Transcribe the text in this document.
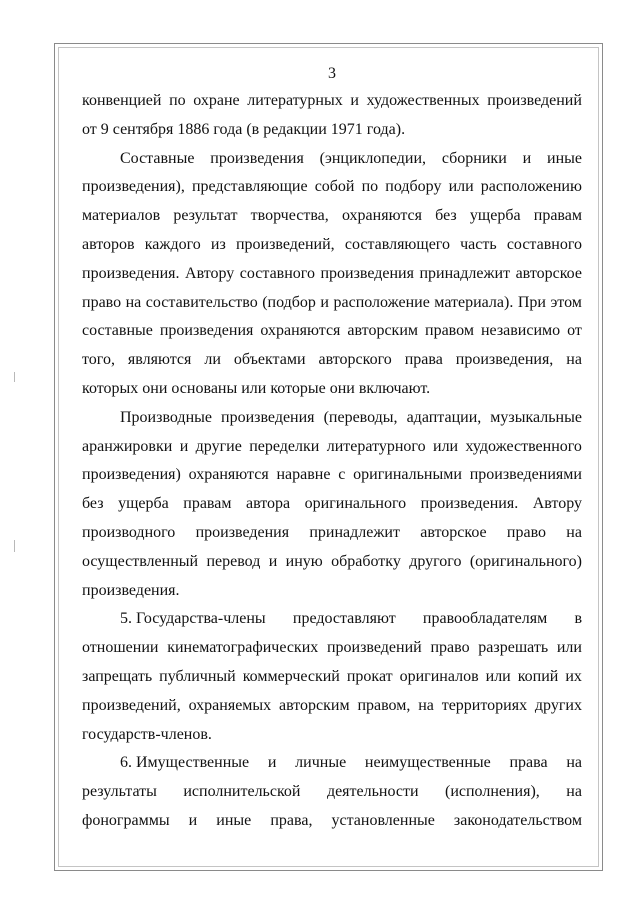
3
конвенцией по охране литературных и художественных произведений
от 9 сентября 1886 года (в редакции 1971 года).
Составные произведения (энциклопедии, сборники и иные
произведения), представляющие собой по подбору или расположению
материалов результат творчества, охраняются без ущерба правам
авторов каждого из произведений, составляющего часть составного
произведения. Автору составного произведения принадлежит авторское
право на составительство (подбор и расположение материала). При этом
составные произведения охраняются авторским правом независимо от
того, являются ли объектами авторского права произведения, на
которых они основаны или которые они включают.
Производные произведения (переводы, адаптации, музыкальные
аранжировки и другие переделки литературного или художественного
произведения) охраняются наравне с оригинальными произведениями
без ущерба правам автора оригинального произведения. Автору
производного произведения принадлежит авторское право на
осуществленный перевод и иную обработку другого (оригинального)
произведения.
5. Государства-члены предоставляют правообладателям в
отношении кинематографических произведений право разрешать или
запрещать публичный коммерческий прокат оригиналов или копий их
произведений, охраняемых авторским правом, на территориях других
государств-членов.
6. Имущественные и личные неимущественные права на
результаты исполнительской деятельности (исполнения), на
фонограммы и иные права, установленные законодательством
